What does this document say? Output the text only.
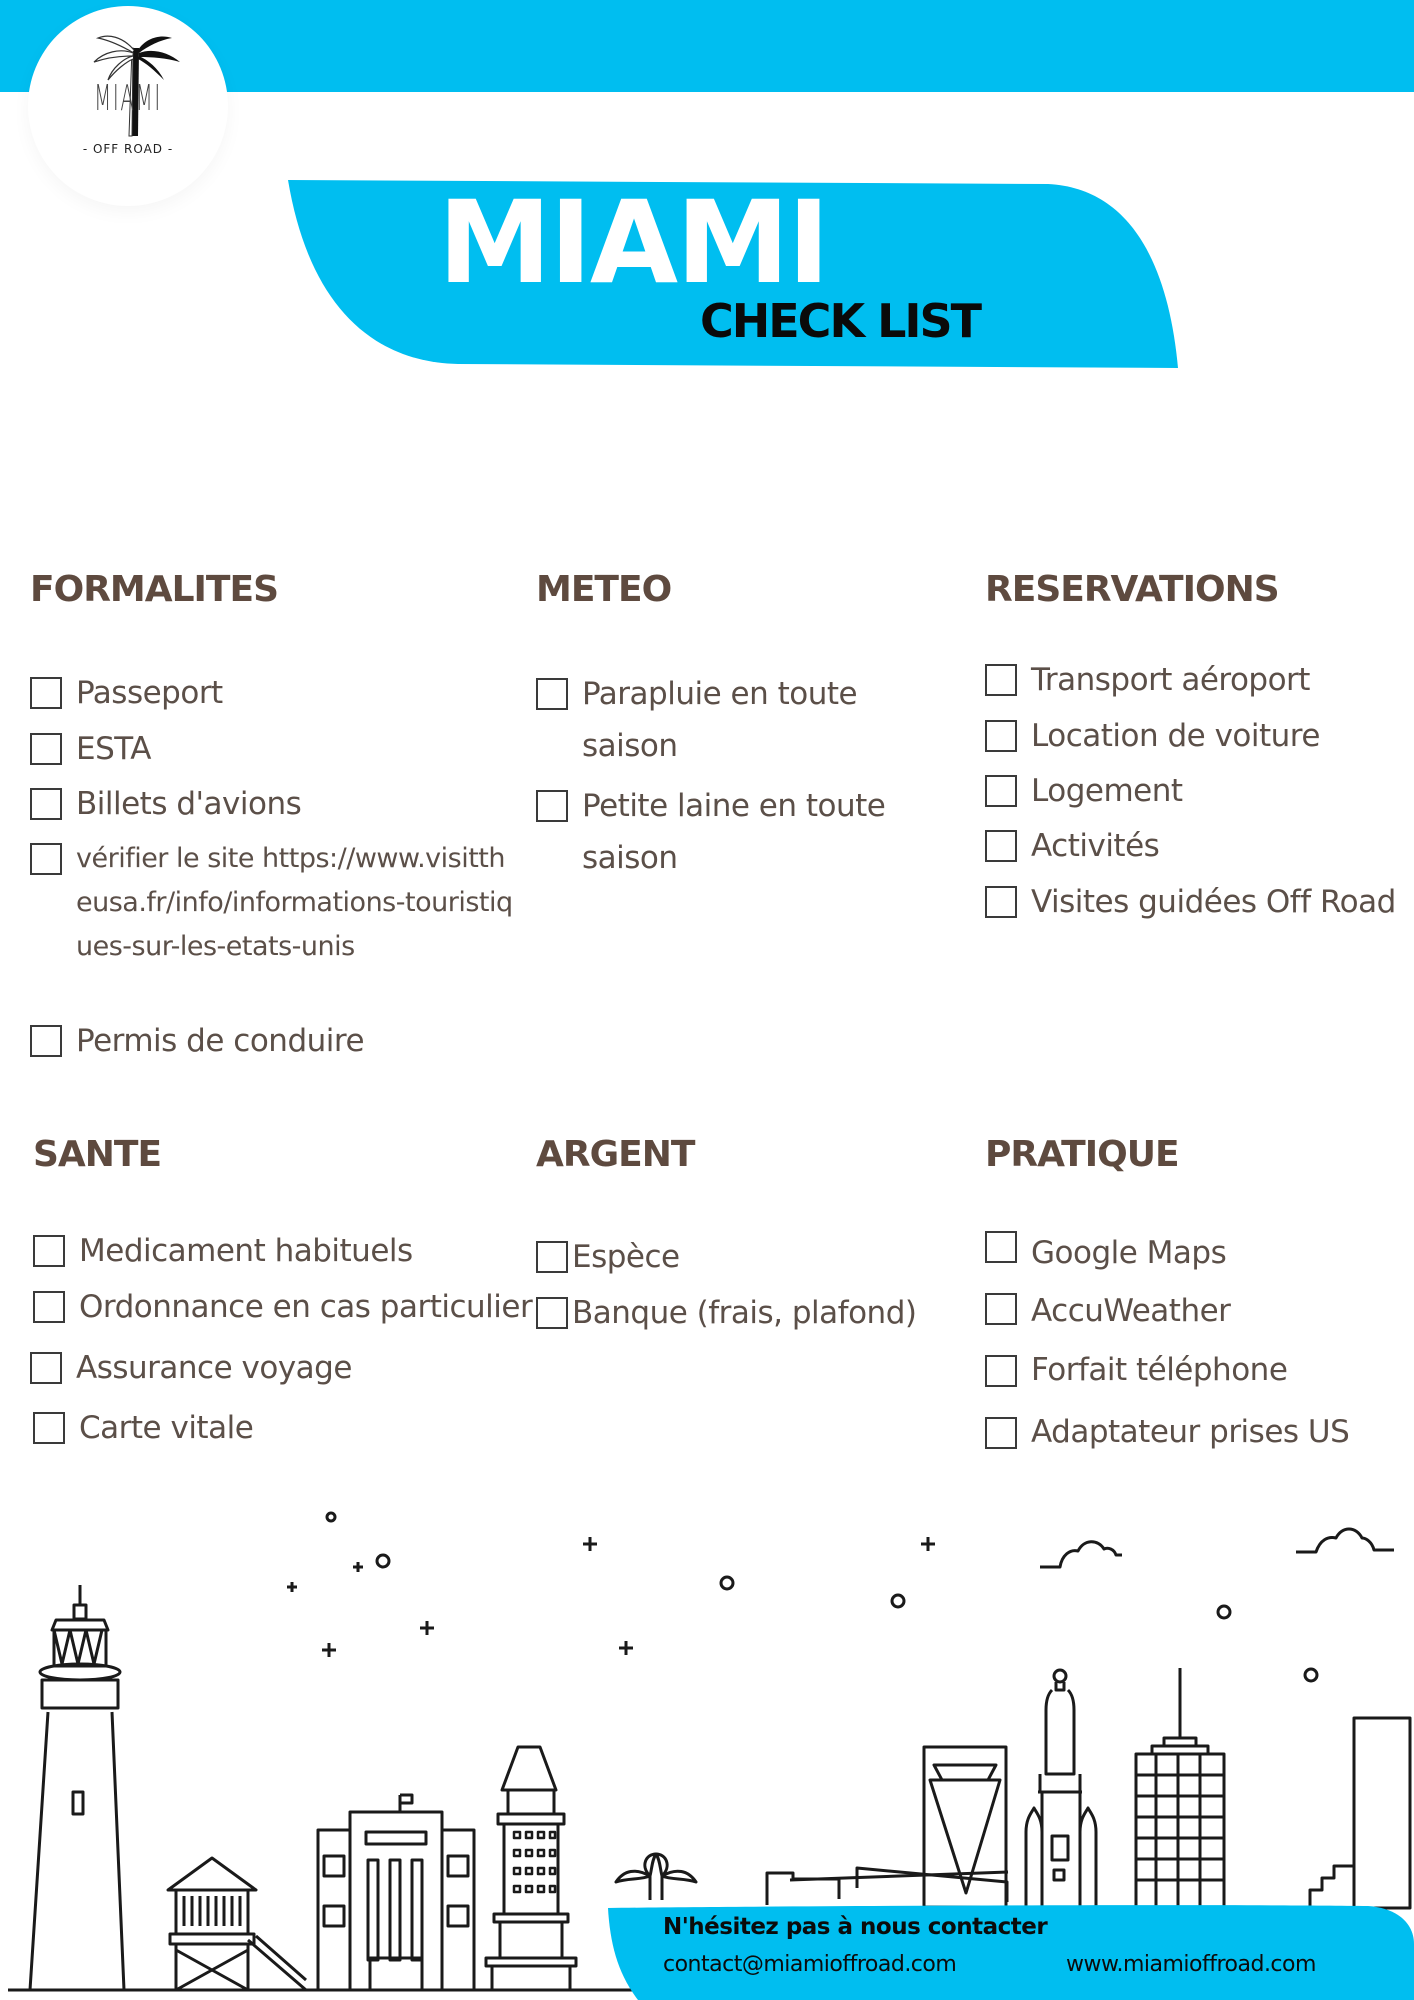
MIAMI
- OFF ROAD -
MIAMI
CHECK LIST
FORMALITES
Passeport
ESTA
Billets d'avions
vérifier le site https://www.visittheusa.fr/info/informations-touristiques-sur-les-etats-unis
Permis de conduire
METEO
Parapluie en toute saison
Petite laine en toute saison
RESERVATIONS
Transport aéroport
Location de voiture
Logement
Activités
Visites guidées Off Road
SANTE
Medicament habituels
Ordonnance en cas particulier
Assurance voyage
Carte vitale
ARGENT
Espèce
Banque (frais, plafond)
PRATIQUE
Google Maps
AccuWeather
Forfait téléphone
Adaptateur prises US
N'hésitez pas à nous contacter
contact@miamioffroad.com	www.miamioffroad.com
